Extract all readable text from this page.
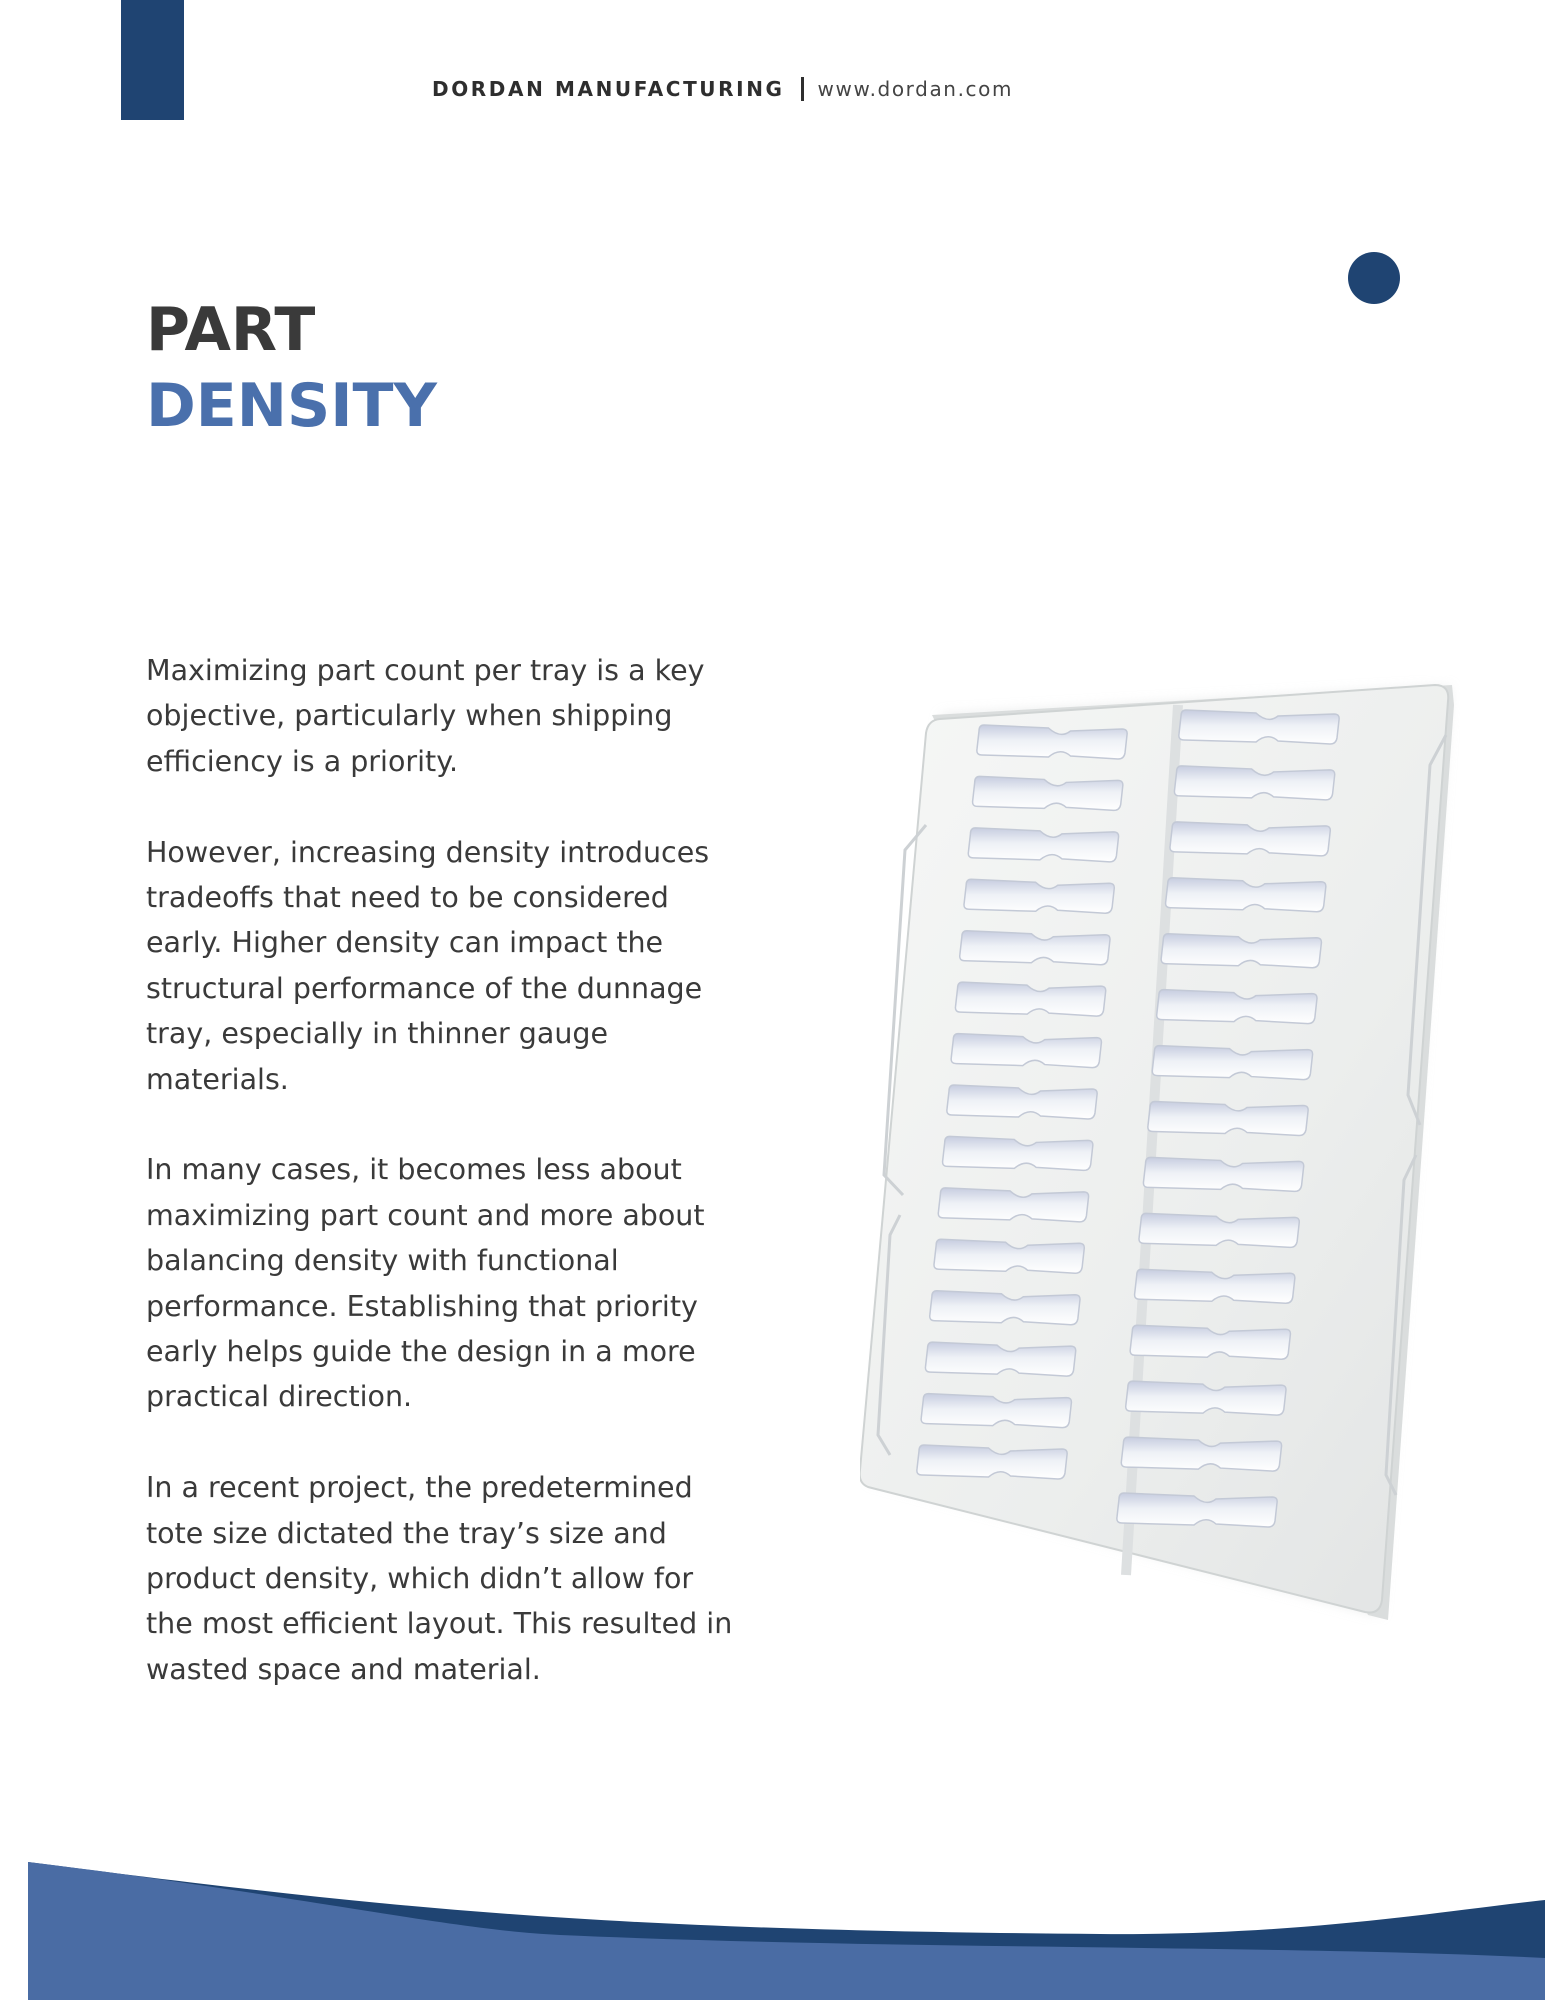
DORDAN MANUFACTURING www.dordan.com
PART
DENSITY

Maximizing part count per tray is a key objective, particularly when shipping efficiency is a priority.

However, increasing density introduces tradeoffs that need to be considered early. Higher density can impact the structural performance of the dunnage tray, especially in thinner gauge materials.

In many cases, it becomes less about maximizing part count and more about balancing density with functional performance. Establishing that priority early helps guide the design in a more practical direction.

In a recent project, the predetermined tote size dictated the tray’s size and product density, which didn’t allow for the most efficient layout. This resulted in wasted space and material.
